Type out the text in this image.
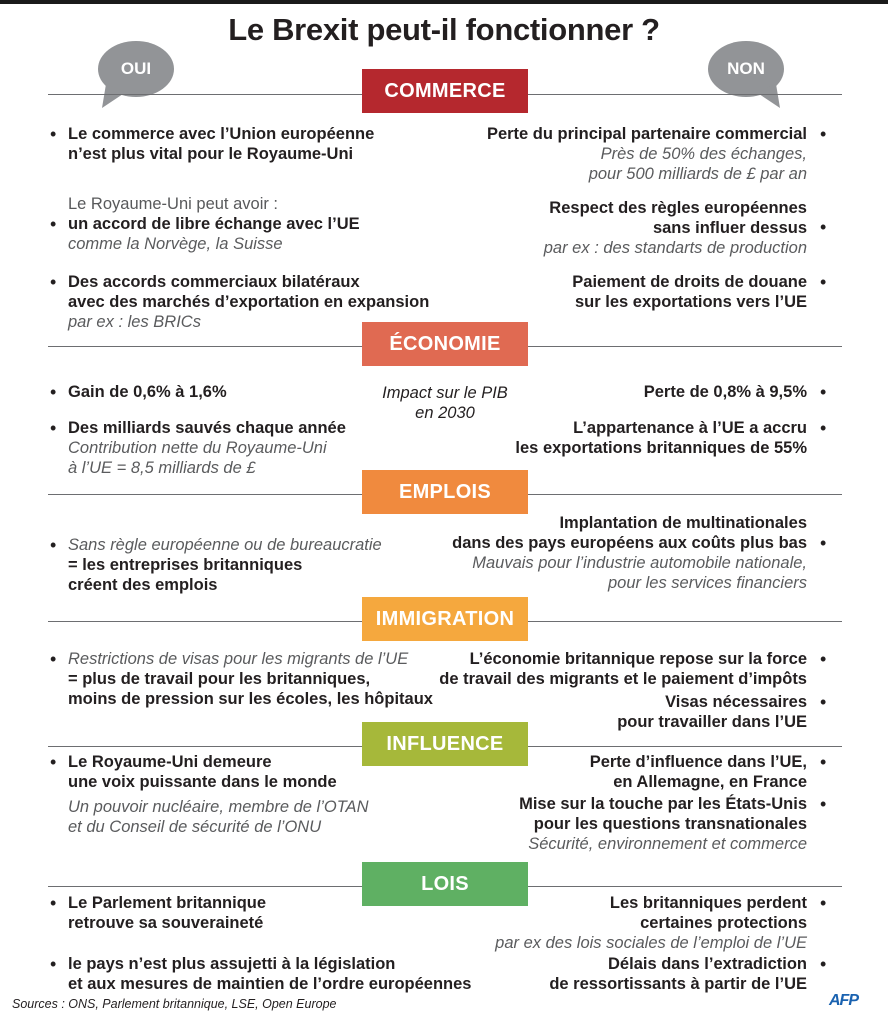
Le Brexit peut-il fonctionner ?
OUI	NON
COMMERCE
• Le commerce avec l’Union européenne
n’est plus vital pour le Royaume-Uni
•
Le Royaume-Uni peut avoir :
un accord de libre échange avec l’UE
comme la Norvège, la Suisse
• Des accords commerciaux bilatéraux
avec des marchés d’exportation en expansion
par ex : les BRICs
•
Perte du principal partenaire commercial
Près de 50% des échanges,
pour 500 milliards de £ par an
•
Respect des règles européennes
sans influer dessus
par ex : des standarts de production
•
Paiement de droits de douane
sur les exportations vers l’UE
ÉCONOMIE
Impact sur le PIB
en 2030
• Gain de 0,6% à 1,6%
• Des milliards sauvés chaque année
Contribution nette du Royaume-Uni
à l’UE = 8,5 milliards de £
•
Perte de 0,8% à 9,5%
•
L’appartenance à l’UE a accru
les exportations britanniques de 55%
EMPLOIS
• Sans règle européenne ou de bureaucratie
= les entreprises britanniques
créent des emplois
•
Implantation de multinationales
dans des pays européens aux coûts plus bas
Mauvais pour l’industrie automobile nationale,
pour les services financiers
IMMIGRATION
• Restrictions de visas pour les migrants de l’UE
= plus de travail pour les britanniques,
moins de pression sur les écoles, les hôpitaux
•
L’économie britannique repose sur la force
de travail des migrants et le paiement d’impôts
•
Visas nécessaires
pour travailler dans l’UE
INFLUENCE
• Le Royaume-Uni demeure
une voix puissante dans le monde
Un pouvoir nucléaire, membre de l’OTAN
et du Conseil de sécurité de l’ONU
•
Perte d’influence dans l’UE,
en Allemagne, en France
•
Mise sur la touche par les États-Unis
pour les questions transnationales
Sécurité, environnement et commerce
LOIS
• Le Parlement britannique
retrouve sa souveraineté
• le pays n’est plus assujetti à la législation
et aux mesures de maintien de l’ordre européennes
•
Les britanniques perdent
certaines protections
par ex des lois sociales de l’emploi de l’UE
•
Délais dans l’extradiction
de ressortissants à partir de l’UE
Sources : ONS, Parlement britannique, LSE, Open Europe	AFP
